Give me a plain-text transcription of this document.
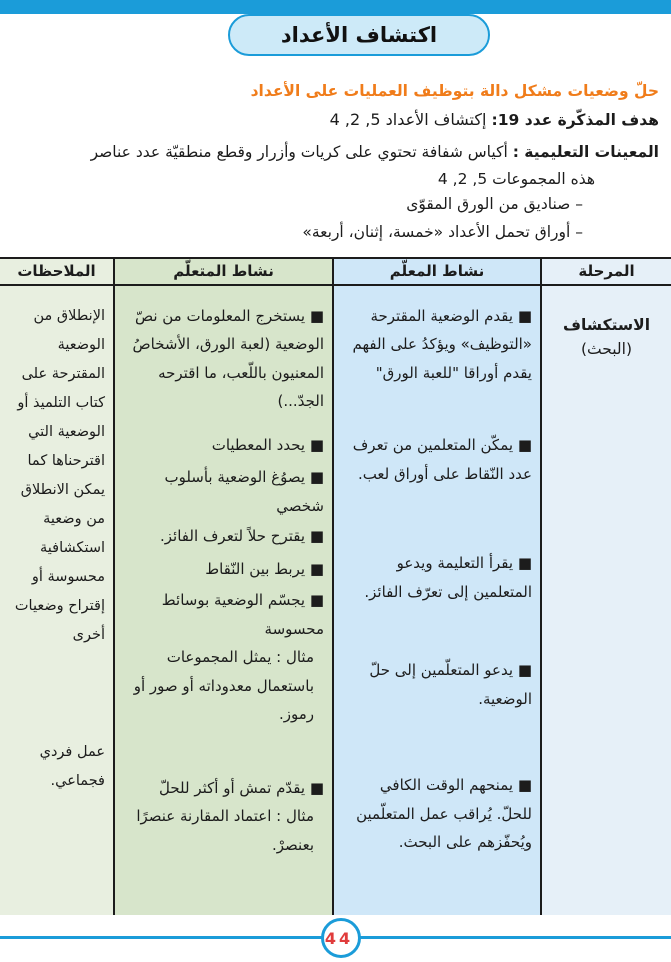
اكتشاف الأعداد
حلّ وضعيات مشكل دالة بتوظيف العمليات على الأعداد
هدف المذكّرة عدد 19: إكتشاف الأعداد 5, 2, 4
المعينات التعليمية : أكياس شفافة تحتوي على كريات وأزرار وقطع منطقيّة عدد عناصر
هذه المجموعات 5, 2, 4
– صناديق من الورق المقوّى
– أوراق تحمل الأعداد «خمسة، إثنان، أربعة»
المرحلة
نشاط المعلّم
نشاط المتعلّم
الملاحظات
الاستكشاف
(البحث)
■ يقدم الوضعية المقترحة «التوظيف» ويؤكدُ على الفهم يقدم أوراقا "للعبة الورق"
■ يمكّن المتعلمين من تعرف عدد النّقاط على أوراق لعب.
■ يقرأ التعليمة ويدعو المتعلمين إلى تعرّف الفائز.
■ يدعو المتعلّمين إلى حلّ الوضعية.
■ يمنحهم الوقت الكافي للحلّ. يُراقب عمل المتعلّمين ويُحفّزهم على البحث.
■ يستخرج المعلومات من نصّ الوضعية (لعبة الورق، الأشخاصُ المعنيون باللّعب، ما اقترحه الجدّ...)
■ يحدد المعطيات
■ يصوُغ الوضعية بأسلوب شخصي
■ يقترح حلاً لتعرف الفائز.
■ يربط بين النّقاط
■ يجسّم الوضعية بوسائط محسوسة
مثال : يمثل المجموعات باستعمال معدوداته أو صور أو رموز.
■ يقدّم تمش أو أكثر للحلّ
مثال : اعتماد المقارنة عنصرًا بعنصرْ.
الإنطلاق من الوضعية المقترحة على كتاب التلميذ أو الوضعية التي اقترحناها كما يمكن الانطلاق من وضعية استكشافية محسوسة أو إقتراح وضعيات أخرى
عمل فردي فجماعي.
44
